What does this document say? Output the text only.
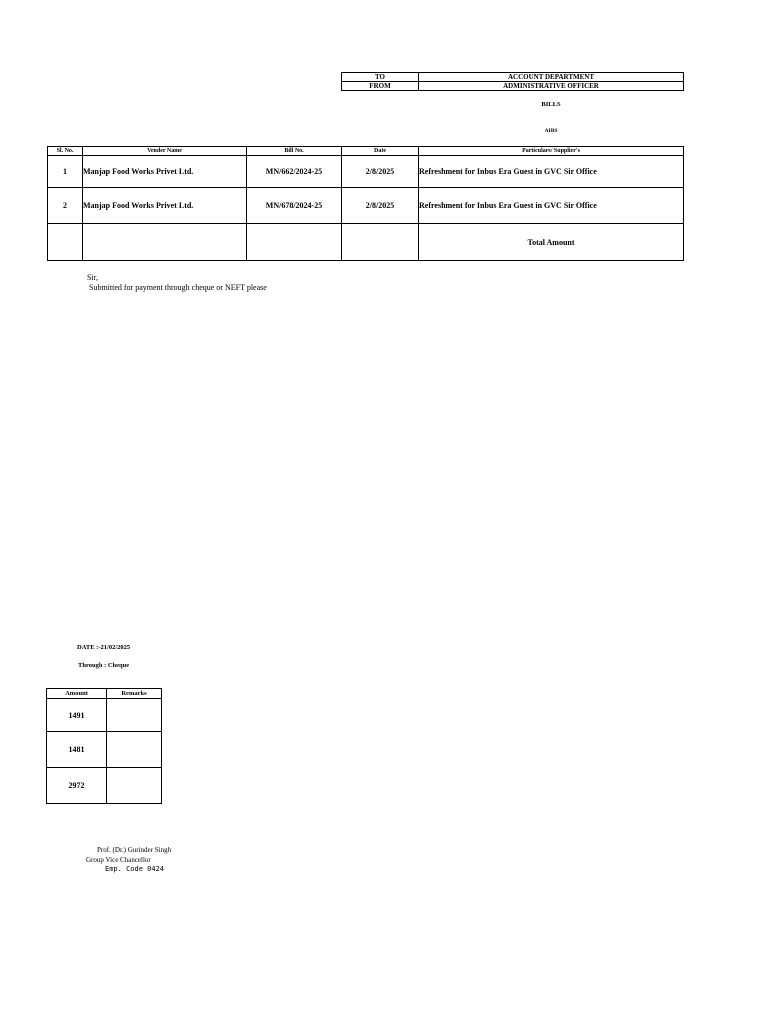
TO	ACCOUNT DEPARTMENT
FROM	ADMINISTRATIVE OFFICER
BILLS
AIBS
Sl. No.	Vender Name	Bill No.	Date	Particulars/ Supplier's
1	Manjap Food Works Privet Ltd.	MN/662/2024-25	2/8/2025	Refreshment for Inbus Era Guest in GVC Sir Office
2	Manjap Food Works Privet Ltd.	MN/678/2024-25	2/8/2025	Refreshment for Inbus Era Guest in GVC Sir Office
				Total Amount
Sir,
Submitted for payment through cheque or NEFT please
DATE :-21/02/2025
Through : Cheque
Amount	Remarks
1491	
1481	
2972	
Prof. (Dr.) Gurinder Singh
Group Vice Chancellor
Emp. Code 0424
